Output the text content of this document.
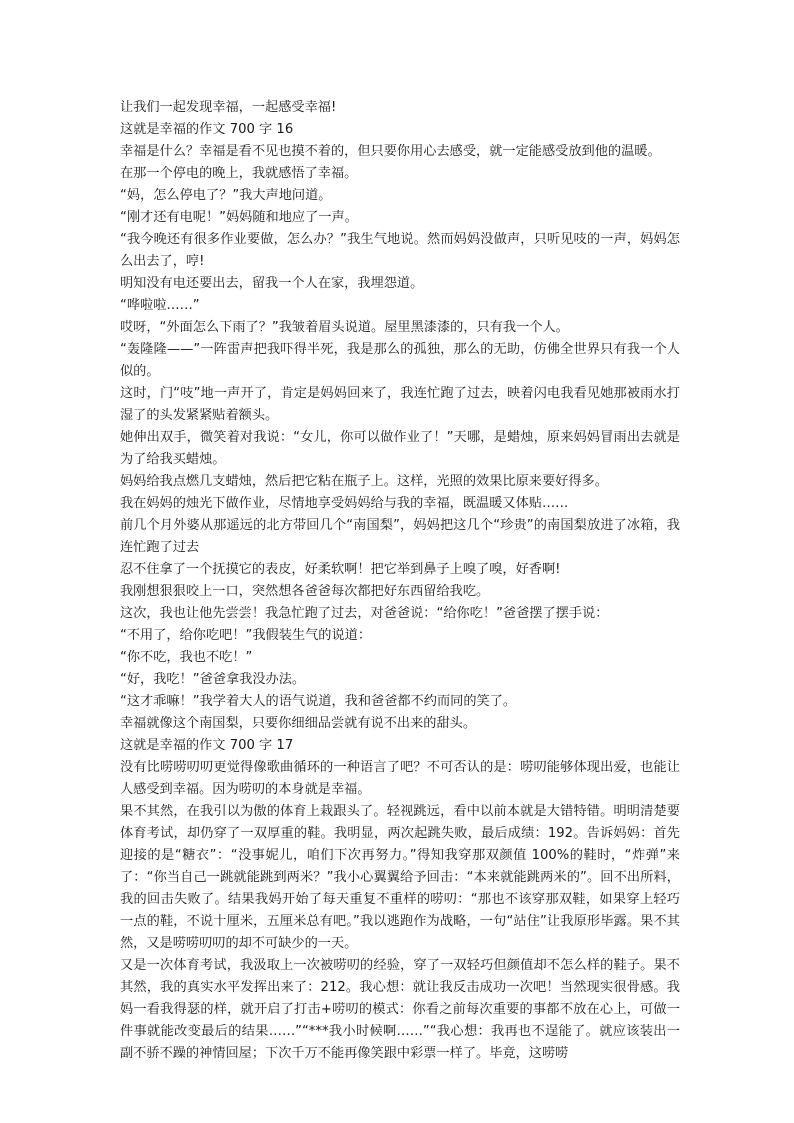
让我们一起发现幸福，一起感受幸福!

这就是幸福的作文 700 字 16

幸福是什么？幸福是看不见也摸不着的，但只要你用心去感受，就一定能感受放到他的温暖。

在那一个停电的晚上，我就感悟了幸福。

“妈，怎么停电了？”我大声地问道。

“刚才还有电呢！”妈妈随和地应了一声。

“我今晚还有很多作业要做，怎么办？”我生气地说。然而妈妈没做声，只听见吱的一声，妈妈怎么出去了，哼!

明知没有电还要出去，留我一个人在家，我埋怨道。

“哗啦啦……”

哎呀，“外面怎么下雨了？”我皱着眉头说道。屋里黑漆漆的，只有我一个人。

“轰隆隆——”一阵雷声把我吓得半死，我是那么的孤独，那么的无助，仿佛全世界只有我一个人似的。

这时，门“吱”地一声开了，肯定是妈妈回来了，我连忙跑了过去，映着闪电我看见她那被雨水打湿了的头发紧紧贴着额头。

她伸出双手，微笑着对我说：“女儿，你可以做作业了！”天哪，是蜡烛，原来妈妈冒雨出去就是为了给我买蜡烛。

妈妈给我点燃几支蜡烛，然后把它粘在瓶子上。这样，光照的效果比原来要好得多。

我在妈妈的烛光下做作业，尽情地享受妈妈给与我的幸福，既温暖又体贴……

前几个月外婆从那遥远的北方带回几个“南国梨”，妈妈把这几个“珍贵”的南国梨放进了冰箱，我连忙跑了过去

忍不住拿了一个抚摸它的表皮，好柔软啊！把它举到鼻子上嗅了嗅，好香啊!

我刚想狠狠咬上一口，突然想各爸爸每次都把好东西留给我吃。

这次，我也让他先尝尝！我急忙跑了过去，对爸爸说：“给你吃！”爸爸摆了摆手说：

“不用了，给你吃吧！”我假装生气的说道：

“你不吃，我也不吃！”

“好，我吃！”爸爸拿我没办法。

“这才乖嘛！”我学着大人的语气说道，我和爸爸都不约而同的笑了。

幸福就像这个南国梨，只要你细细品尝就有说不出来的甜头。

这就是幸福的作文 700 字 17

没有比唠唠叨叨更觉得像歌曲循环的一种语言了吧？不可否认的是：唠叨能够体现出爱，也能让人感受到幸福。因为唠叨的本身就是幸福。

果不其然，在我引以为傲的体育上栽跟头了。轻视跳远，看中以前本就是大错特错。明明清楚要体育考试，却仍穿了一双厚重的鞋。我明显，两次起跳失败，最后成绩：192。告诉妈妈：首先迎接的是“糖衣”：“没事妮儿，咱们下次再努力。”得知我穿那双颜值 100%的鞋时，“炸弹”来了：“你当自己一跳就能跳到两米？”我小心翼翼给予回击：“本来就能跳两米的”。回不出所料，我的回击失败了。结果我妈开始了每天重复不重样的唠叨：“那也不该穿那双鞋，如果穿上轻巧一点的鞋，不说十厘米，五厘米总有吧。”我以逃跑作为战略，一句“站住”让我原形毕露。果不其然，又是唠唠叨叨的却不可缺少的一天。

又是一次体育考试，我汲取上一次被唠叨的经验，穿了一双轻巧但颜值却不怎么样的鞋子。果不其然，我的真实水平发挥出来了：212。我心想：就让我反击成功一次吧！当然现实很骨感。我妈一看我得瑟的样，就开启了打击+唠叨的模式：你看之前每次重要的事都不放在心上，可做一件事就能改变最后的结果……”“***我小时候啊……”“我心想：我再也不逞能了。就应该装出一副不骄不躁的神情回屋；下次千万不能再像笑跟中彩票一样了。毕竟，这唠唠
